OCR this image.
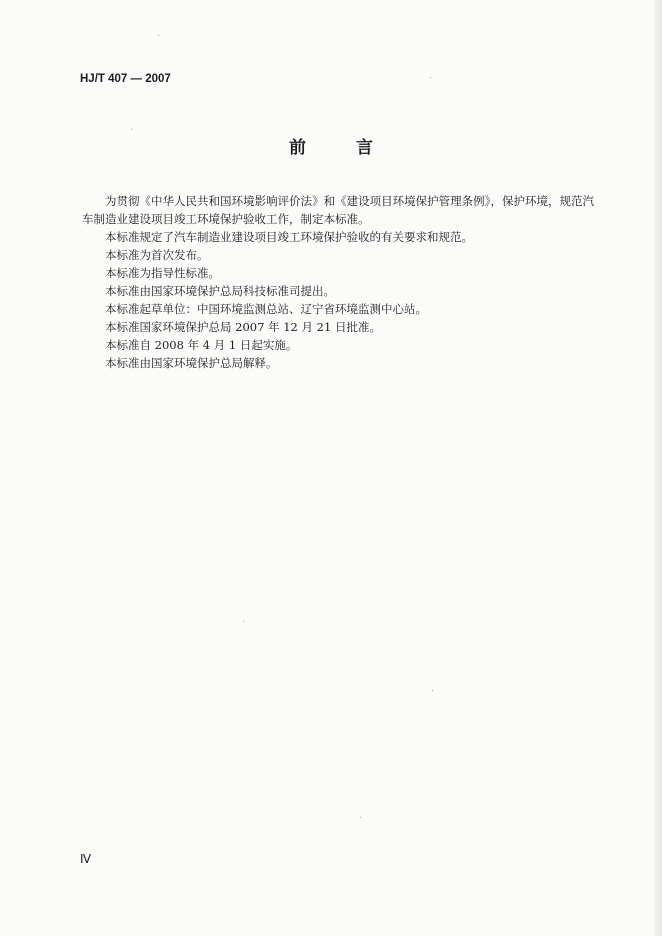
HJ/T 407 — 2007
前 言

为贯彻《中华人民共和国环境影响评价法》和《建设项目环境保护管理条例》，保护环境，规范汽车制造业建设项目竣工环境保护验收工作，制定本标准。

本标准规定了汽车制造业建设项目竣工环境保护验收的有关要求和规范。

本标准为首次发布。

本标准为指导性标准。

本标准由国家环境保护总局科技标准司提出。

本标准起草单位：中国环境监测总站、辽宁省环境监测中心站。

本标准国家环境保护总局 2007 年 12 月 21 日批准。

本标准自 2008 年 4 月 1 日起实施。

本标准由国家环境保护总局解释。

Ⅳ
